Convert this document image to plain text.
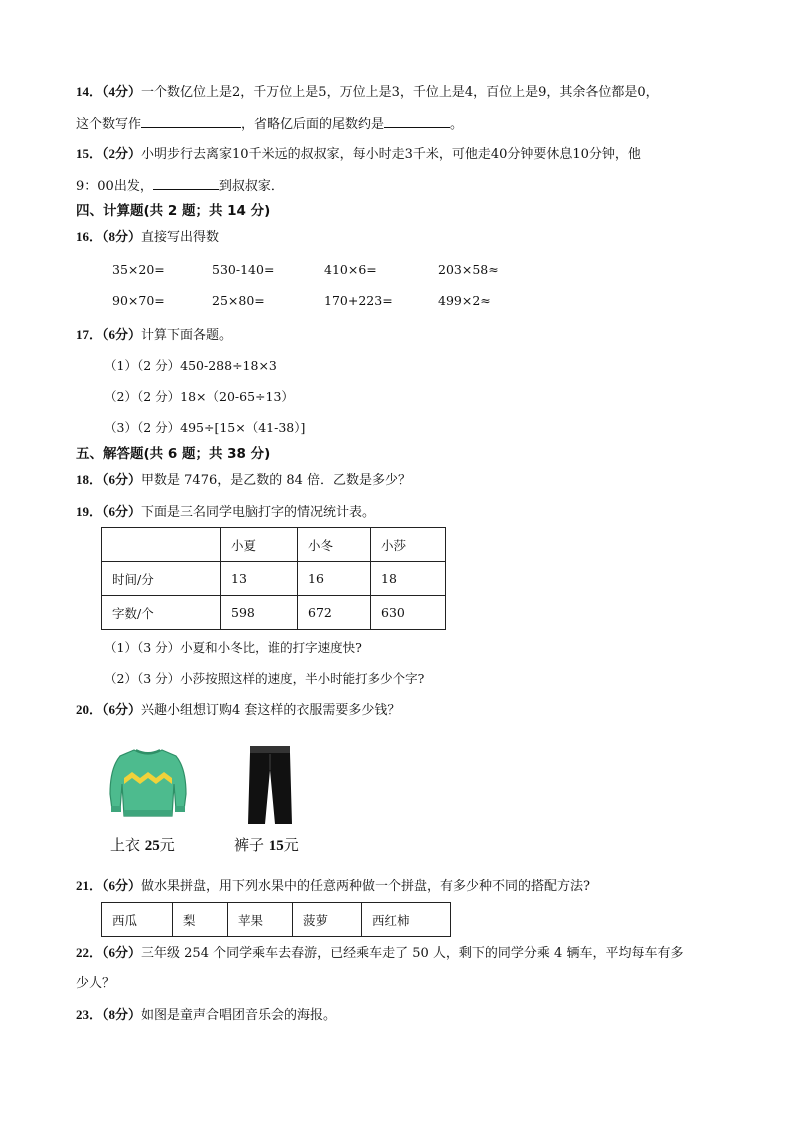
14．（4分）一个数亿位上是2，千万位上是5，万位上是3，千位上是4，百位上是9，其余各位都是0，
这个数写作	，省略亿后面的尾数约是	。
15．（2分）小明步行去离家10千米远的叔叔家，每小时走3千米，可他走40分钟要休息10分钟，他
9：00出发，	到叔叔家．
四、计算题(共 2 题；共 14 分)
16．（8分）直接写出得数
35×20=	530-140=	410×6=	203×58≈
90×70=	25×80=	170+223=	499×2≈
17．（6分）计算下面各题。
（1）（2 分）450-288÷18×3
（2）（2 分）18×（20-65÷13）
（3）（2 分）495÷[15×（41-38）]
五、解答题(共 6 题；共 38 分)
18．（6分）甲数是 7476，是乙数的 84 倍．乙数是多少？
19．（6分）下面是三名同学电脑打字的情况统计表。
	小夏	小冬	小莎
时间/分	13	16	18
字数/个	598	672	630
（1）（3 分）小夏和小冬比，谁的打字速度快?
（2）（3 分）小莎按照这样的速度，半小时能打多少个字?
20．（6分）兴趣小组想订购4 套这样的衣服需要多少钱？
上衣 25元	裤子 15元
21．（6分）做水果拼盘，用下列水果中的任意两种做一个拼盘，有多少种不同的搭配方法?
西瓜	梨	苹果	菠萝	西红柿
22．（6分）三年级 254 个同学乘车去春游，已经乘车走了 50 人，剩下的同学分乘 4 辆车，平均每车有多
少人？
23．（8分）如图是童声合唱团音乐会的海报。
